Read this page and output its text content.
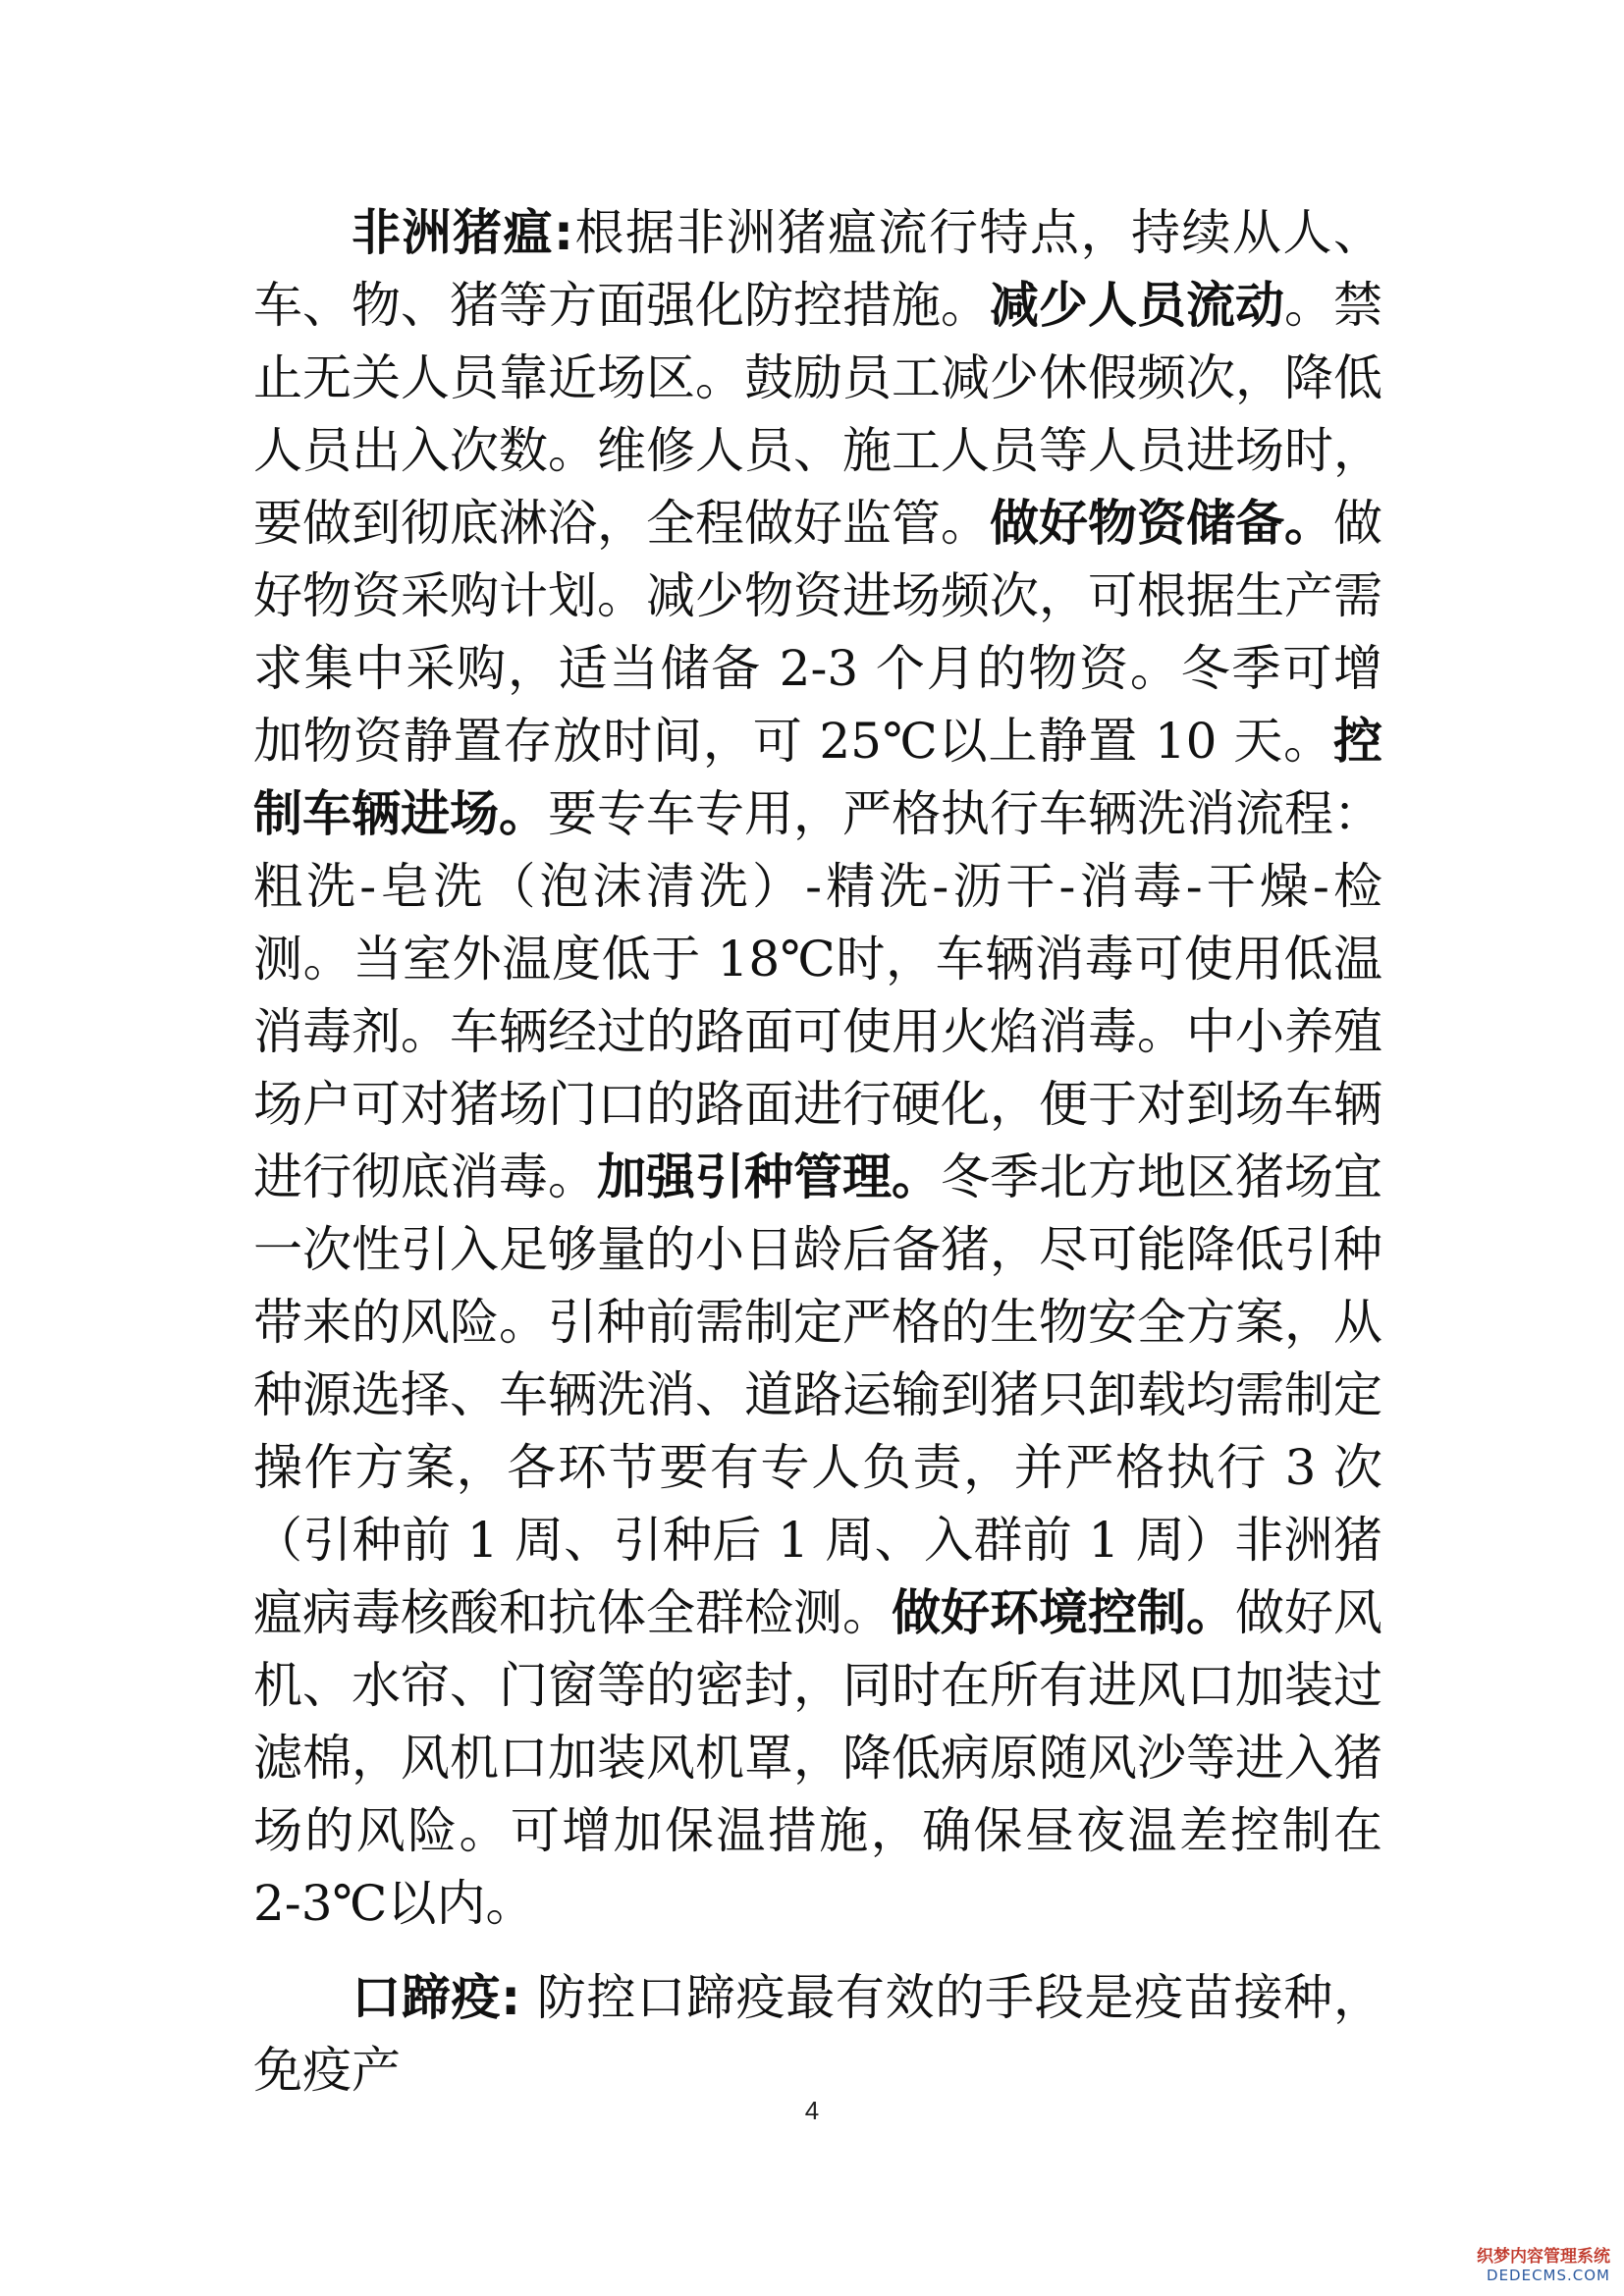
非洲猪瘟:根据非洲猪瘟流行特点，持续从人、车、物、猪等方面强化防控措施。减少人员流动。禁止无关人员靠近场区。鼓励员工减少休假频次，降低人员出入次数。维修人员、施工人员等人员进场时，要做到彻底淋浴，全程做好监管。做好物资储备。做好物资采购计划。减少物资进场频次，可根据生产需求集中采购，适当储备 2-3 个月的物资。冬季可增加物资静置存放时间，可 25℃以上静置 10 天。控制车辆进场。要专车专用，严格执行车辆洗消流程：粗洗-皂洗（泡沫清洗）-精洗-沥干-消毒-干燥-检测。当室外温度低于 18℃时，车辆消毒可使用低温消毒剂。车辆经过的路面可使用火焰消毒。中小养殖场户可对猪场门口的路面进行硬化，便于对到场车辆进行彻底消毒。加强引种管理。冬季北方地区猪场宜一次性引入足够量的小日龄后备猪，尽可能降低引种带来的风险。引种前需制定严格的生物安全方案，从种源选择、车辆洗消、道路运输到猪只卸载均需制定操作方案，各环节要有专人负责，并严格执行 3 次（引种前 1 周、引种后 1 周、入群前 1 周）非洲猪瘟病毒核酸和抗体全群检测。做好环境控制。做好风机、水帘、门窗等的密封，同时在所有进风口加装过滤棉，风机口加装风机罩，降低病原随风沙等进入猪场的风险。可增加保温措施，确保昼夜温差控制在 2-3℃以内。

口蹄疫: 防控口蹄疫最有效的手段是疫苗接种，免疫产

4
织梦内容管理系统
DEDECMS.COM
